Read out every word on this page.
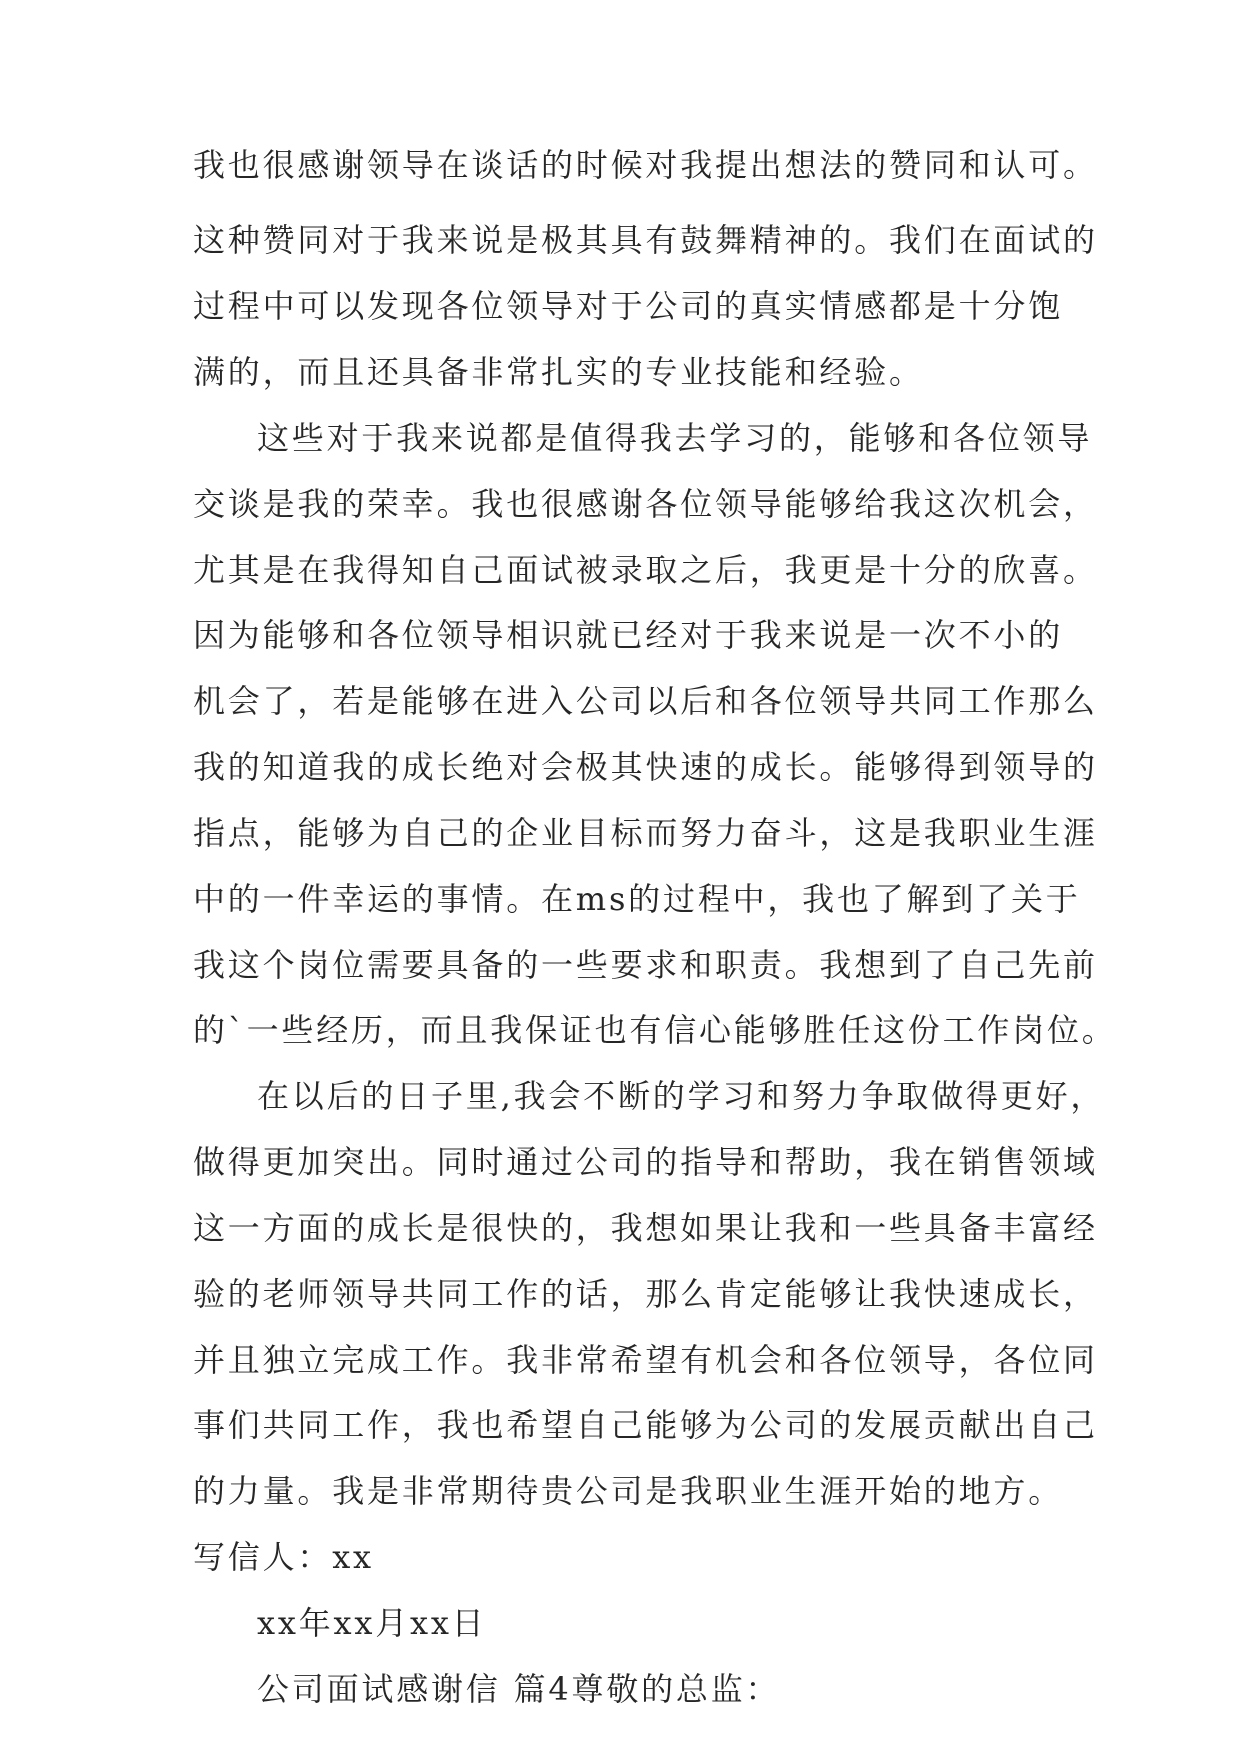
我也很感谢领导在谈话的时候对我提出想法的赞同和认可。
这种赞同对于我来说是极其具有鼓舞精神的。我们在面试的
过程中可以发现各位领导对于公司的真实情感都是十分饱
满的，而且还具备非常扎实的专业技能和经验。
这些对于我来说都是值得我去学习的，能够和各位领导
交谈是我的荣幸。我也很感谢各位领导能够给我这次机会，
尤其是在我得知自己面试被录取之后，我更是十分的欣喜。
因为能够和各位领导相识就已经对于我来说是一次不小的
机会了，若是能够在进入公司以后和各位领导共同工作那么
我的知道我的成长绝对会极其快速的成长。能够得到领导的
指点，能够为自己的企业目标而努力奋斗，这是我职业生涯
中的一件幸运的事情。在ms的过程中，我也了解到了关于
我这个岗位需要具备的一些要求和职责。我想到了自己先前
的`一些经历，而且我保证也有信心能够胜任这份工作岗位。
在以后的日子里,我会不断的学习和努力争取做得更好，
做得更加突出。同时通过公司的指导和帮助，我在销售领域
这一方面的成长是很快的，我想如果让我和一些具备丰富经
验的老师领导共同工作的话，那么肯定能够让我快速成长，
并且独立完成工作。我非常希望有机会和各位领导，各位同
事们共同工作，我也希望自己能够为公司的发展贡献出自己
的力量。我是非常期待贵公司是我职业生涯开始的地方。
写信人：xx
xx年xx月xx日
公司面试感谢信 篇4尊敬的总监：
